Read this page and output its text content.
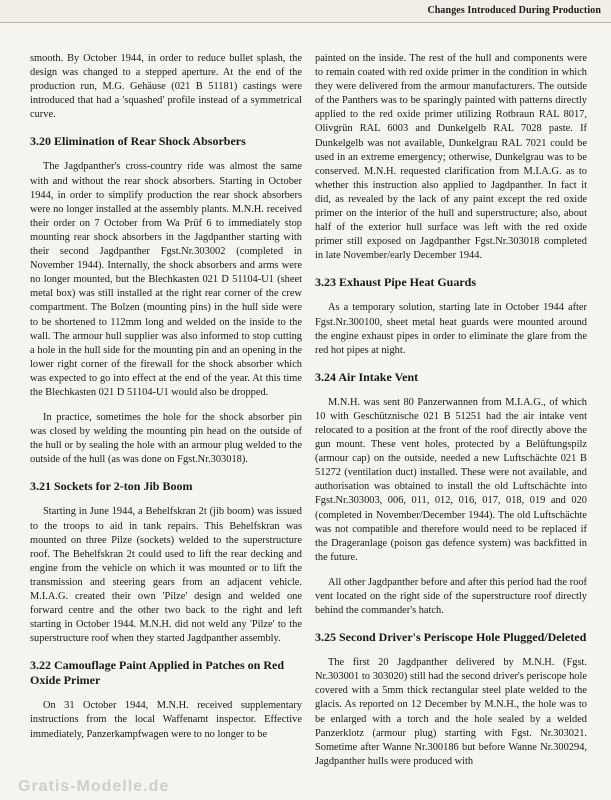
Changes Introduced During Production

smooth. By October 1944, in order to reduce bullet splash, the design was changed to a stepped aperture. At the end of the production run, M.G. Gehäuse (021 B 51181) castings were introduced that had a 'squashed' profile instead of a symmetrical curve.

3.20 Elimination of Rear Shock Absorbers

The Jagdpanther's cross-country ride was almost the same with and without the rear shock absorbers. Starting in October 1944, in order to simplify production the rear shock absorbers were no longer installed at the assembly plants. M.N.H. received their order on 7 October from Wa Prüf 6 to immediately stop mounting rear shock absorbers in the Jagdpanther starting with their second Jagdpanther Fgst.Nr.303002 (completed in November 1944). Internally, the shock absorbers and arms were no longer mounted, but the Blechkasten 021 D 51104-U1 (sheet metal box) was still installed at the right rear corner of the crew compartment. The Bolzen (mounting pins) in the hull side were to be shortened to 112mm long and welded on the inside to the wall. The armour hull supplier was also informed to stop cutting a hole in the hull side for the mounting pin and an opening in the lower right corner of the firewall for the shock absorber which was expected to go into effect at the end of the year. At this time the Blechkasten 021 D 51104-U1 would also be dropped.

In practice, sometimes the hole for the shock absorber pin was closed by welding the mounting pin head on the outside of the hull or by sealing the hole with an armour plug welded to the outside of the hull (as was done on Fgst.Nr.303018).

3.21 Sockets for 2-ton Jib Boom

Starting in June 1944, a Behelfskran 2t (jib boom) was issued to the troops to aid in tank repairs. This Behelfskran was mounted on three Pilze (sockets) welded to the superstructure roof. The Behelfskran 2t could used to lift the rear decking and engine from the vehicle on which it was mounted or to lift the transmission and steering gears from an adjacent vehicle. M.I.A.G. created their own 'Pilze' design and welded one forward centre and the other two back to the right and left starting in October 1944. M.N.H. did not weld any 'Pilze' to the superstructure roof when they started Jagdpanther assembly.

3.22 Camouflage Paint Applied in Patches on Red Oxide Primer

On 31 October 1944, M.N.H. received supplementary instructions from the local Waffenamt inspector. Effective immediately, Panzerkampfwagen were to no longer to be

painted on the inside. The rest of the hull and components were to remain coated with red oxide primer in the condition in which they were delivered from the armour manufacturers. The outside of the Panthers was to be sparingly painted with patterns directly applied to the red oxide primer utilizing Rotbraun RAL 8017, Olivgrün RAL 6003 and Dunkelgelb RAL 7028 paste. If Dunkelgelb was not available, Dunkelgrau RAL 7021 could be used in an extreme emergency; otherwise, Dunkelgrau was to be conserved. M.N.H. requested clarification from M.I.A.G. as to whether this instruction also applied to Jagdpanther. In fact it did, as revealed by the lack of any paint except the red oxide primer on the interior of the hull and superstructure; also, about half of the exterior hull surface was left with the red oxide primer still exposed on Jagdpanther Fgst.Nr.303018 completed in late November/early December 1944.

3.23 Exhaust Pipe Heat Guards

As a temporary solution, starting late in October 1944 after Fgst.Nr.300100, sheet metal heat guards were mounted around the engine exhaust pipes in order to eliminate the glare from the red hot pipes at night.

3.24 Air Intake Vent

M.N.H. was sent 80 Panzerwannen from M.I.A.G., of which 10 with Geschütznische 021 B 51251 had the air intake vent relocated to a position at the front of the roof directly above the gun mount. These vent holes, protected by a Belüftungspilz (armour cap) on the outside, needed a new Luftschächte 021 B 51272 (ventilation duct) installed. These were not available, and authorisation was obtained to install the old Luftschächte into Fgst.Nr.303003, 006, 011, 012, 016, 017, 018, 019 and 020 (completed in November/December 1944). The old Luftschächte was not compatible and therefore would need to be replaced if the Drageranlage (poison gas defence system) was backfitted in the future.

All other Jagdpanther before and after this period had the roof vent located on the right side of the superstructure roof directly behind the commander's hatch.

3.25 Second Driver's Periscope Hole Plugged/Deleted

The first 20 Jagdpanther delivered by M.N.H. (Fgst. Nr.303001 to 303020) still had the second driver's periscope hole covered with a 5mm thick rectangular steel plate welded to the glacis. As reported on 12 December by M.N.H., the hole was to be enlarged with a torch and the hole sealed by a welded Panzerklotz (armour plug) starting with Fgst. Nr.303021. Sometime after Wanne Nr.300186 but before Wanne Nr.300294, Jagdpanther hulls were produced with

Gratis-Modelle.de
